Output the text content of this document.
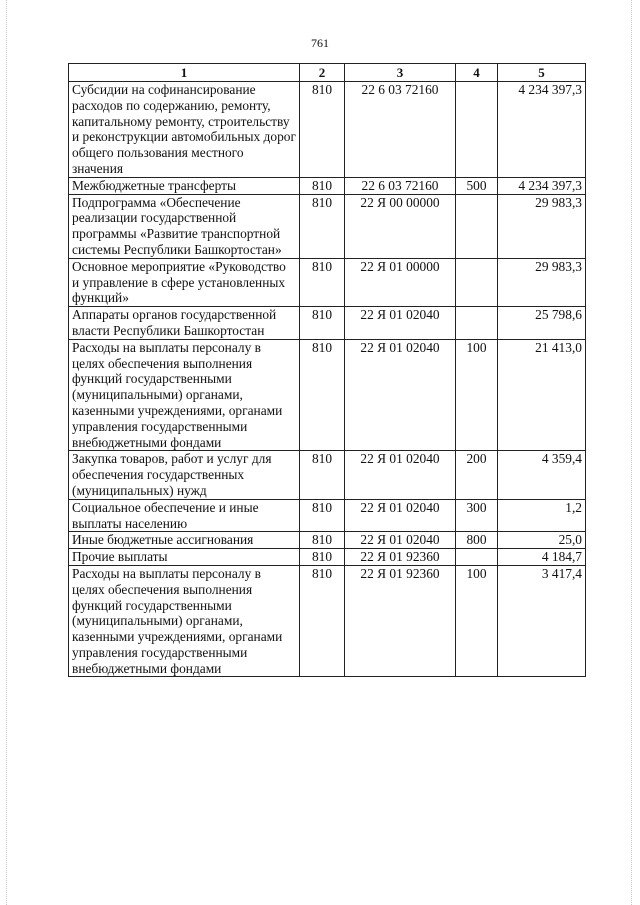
761
1	2	3	4	5
Субсидии на софинансирование расходов по содержанию, ремонту, капитальному ремонту, строительству и реконструкции автомобильных дорог общего пользования местного значения	810	22 6 03 72160		4 234 397,3
Межбюджетные трансферты	810	22 6 03 72160	500	4 234 397,3
Подпрограмма «Обеспечение реализации государственной программы «Развитие транспортной системы Республики Башкортостан»	810	22 Я 00 00000		29 983,3
Основное мероприятие «Руководство и управление в сфере установленных функций»	810	22 Я 01 00000		29 983,3
Аппараты органов государственной власти Республики Башкортостан	810	22 Я 01 02040		25 798,6
Расходы на выплаты персоналу в целях обеспечения выполнения функций государственными (муниципальными) органами, казенными учреждениями, органами управления государственными внебюджетными фондами	810	22 Я 01 02040	100	21 413,0
Закупка товаров, работ и услуг для обеспечения государственных (муниципальных) нужд	810	22 Я 01 02040	200	4 359,4
Социальное обеспечение и иные выплаты населению	810	22 Я 01 02040	300	1,2
Иные бюджетные ассигнования	810	22 Я 01 02040	800	25,0
Прочие выплаты	810	22 Я 01 92360		4 184,7
Расходы на выплаты персоналу в целях обеспечения выполнения функций государственными (муниципальными) органами, казенными учреждениями, органами управления государственными внебюджетными фондами	810	22 Я 01 92360	100	3 417,4
